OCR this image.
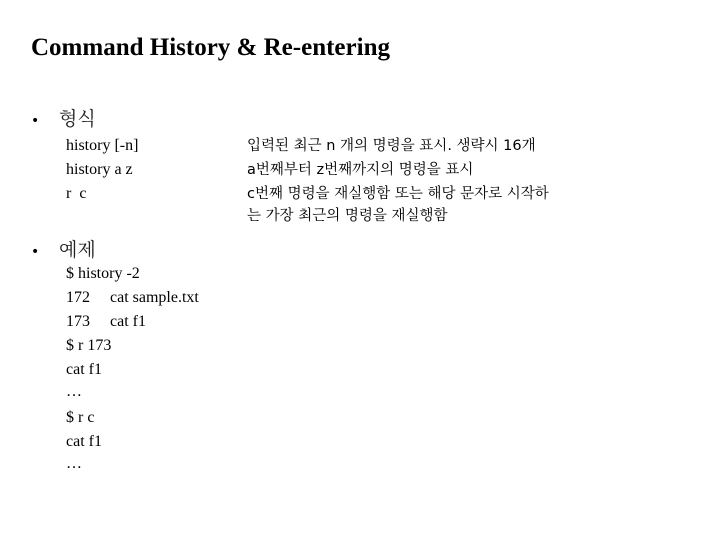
Command History & Re-entering
• 형식
history [-n]	입력된 최근 n 개의 명령을 표시. 생략시 16개
history a z	a번째부터 z번째까지의 명령을 표시
r  c	c번째 명령을 재실행함 또는 해당 문자로 시작하
는 가장 최근의 명령을 재실행함
• 예제
$ history -2
172     cat sample.txt
173     cat f1
$ r 173
cat f1
…
$ r c
cat f1
…
